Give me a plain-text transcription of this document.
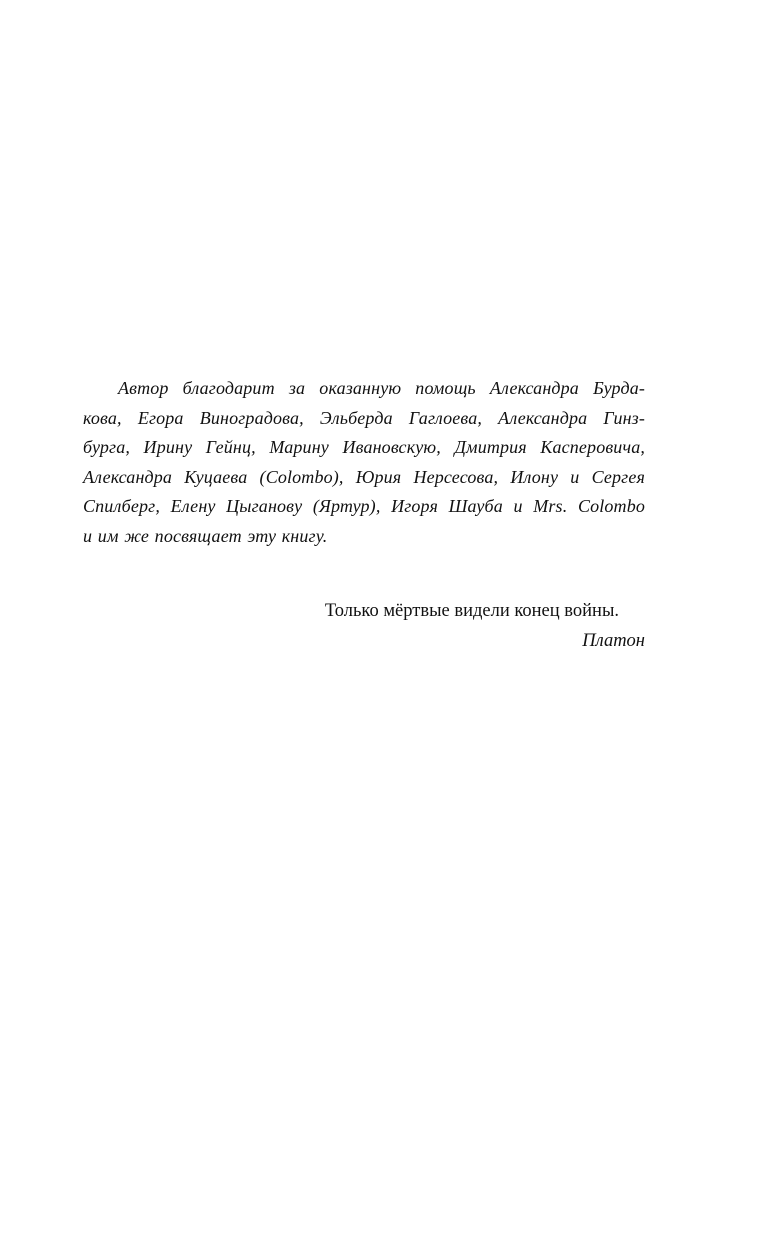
Автор благодарит за оказанную помощь Александра Бурда-
кова, Егора Виноградова, Эльберда Гаглоева, Александра Гинз-
бурга, Ирину Гейнц, Марину Ивановскую, Дмитрия Касперовича,
Александра Куцаева (Colombo), Юрия Нерсесова, Илону и Сергея
Спилберг, Елену Цыганову (Яртур), Игоря Шауба и Mrs. Colombo
и им же посвящает эту книгу.
Только мёртвые видели конец войны.
Платон
